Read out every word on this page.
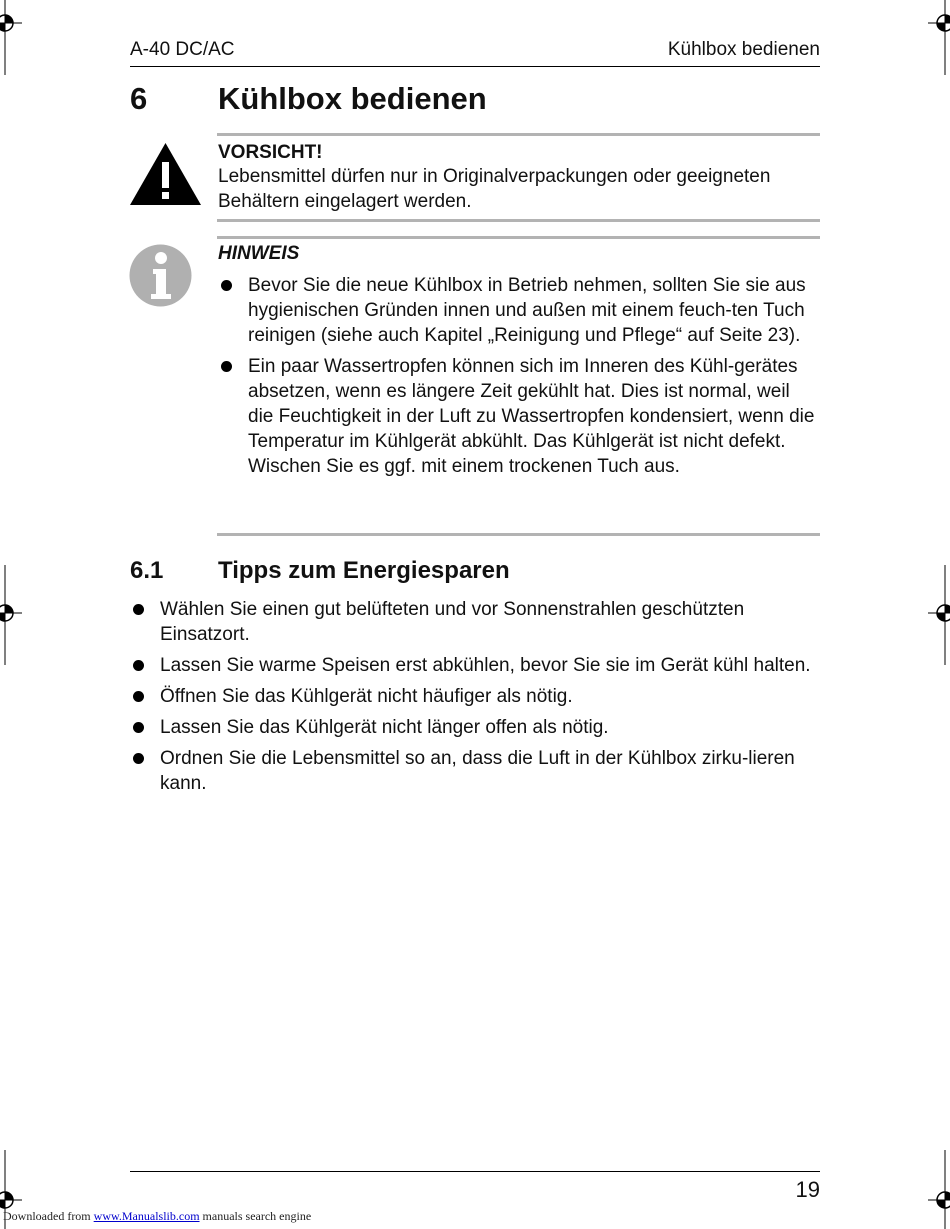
A-40 DC/AC	Kühlbox bedienen
6 Kühlbox bedienen
VORSICHT!
Lebensmittel dürfen nur in Originalverpackungen oder geeigneten Behältern eingelagert werden.
HINWEIS
Bevor Sie die neue Kühlbox in Betrieb nehmen, sollten Sie sie aus hygienischen Gründen innen und außen mit einem feuch-ten Tuch reinigen (siehe auch Kapitel „Reinigung und Pflege“ auf Seite 23).
Ein paar Wassertropfen können sich im Inneren des Kühl-gerätes absetzen, wenn es längere Zeit gekühlt hat. Dies ist normal, weil die Feuchtigkeit in der Luft zu Wassertropfen kondensiert, wenn die Temperatur im Kühlgerät abkühlt. Das Kühlgerät ist nicht defekt. Wischen Sie es ggf. mit einem trockenen Tuch aus.
6.1 Tipps zum Energiesparen
Wählen Sie einen gut belüfteten und vor Sonnenstrahlen geschützten Einsatzort.
Lassen Sie warme Speisen erst abkühlen, bevor Sie sie im Gerät kühl halten.
Öffnen Sie das Kühlgerät nicht häufiger als nötig.
Lassen Sie das Kühlgerät nicht länger offen als nötig.
Ordnen Sie die Lebensmittel so an, dass die Luft in der Kühlbox zirku-lieren kann.
19
Downloaded from www.Manualslib.com manuals search engine
